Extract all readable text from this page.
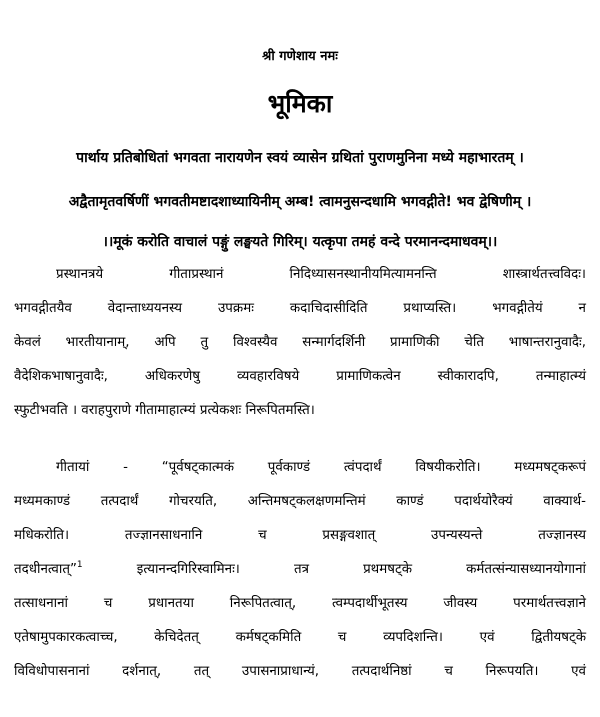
श्री गणेशाय नमः
भूमिका
पार्थाय प्रतिबोधितां भगवता नारायणेन स्वयं व्यासेन ग्रथितां पुराणमुनिना मध्ये महाभारतम् ।
अद्वैतामृतवर्षिणीं भगवतीमष्टादशाध्यायिनीम् अम्ब! त्वामनुसन्दधामि भगवद्गीते! भव द्वेषिणीम् ।
।।मूकं करोति वाचालं पङ्गुं लङ्घयते गिरिम्। यत्कृपा तमहं वन्दे परमानन्दमाधवम्।।
प्रस्थानत्रये गीताप्रस्थानं निदिध्यासनस्थानीयमित्यामनन्ति शास्त्रार्थतत्त्वविदः।
भगवद्गीतयैव वेदान्ताध्ययनस्य उपक्रमः कदाचिदासीदिति प्रथाप्यस्ति। भगवद्गीतेयं न
केवलं भारतीयानाम्, अपि तु विश्वस्यैव सन्मार्गदर्शिनी प्रामाणिकी चेति भाषान्तरानुवादैः,
वैदेशिकभाषानुवादैः, अधिकरणेषु व्यवहारविषये प्रामाणिकत्वेन स्वीकारादपि, तन्माहात्म्यं
स्फुटीभवति । वराहपुराणे गीतामाहात्म्यं प्रत्येकशः निरूपितमस्ति।
गीतायां - “पूर्वषट्कात्मकं पूर्वकाण्डं त्वंपदार्थं विषयीकरोति। मध्यमषट्करूपं
मध्यमकाण्डं तत्पदार्थं गोचरयति, अन्तिमषट्कलक्षणमन्तिमं काण्डं पदार्थयोरैक्यं वाक्यार्थ-
मधिकरोति। तज्ज्ञानसाधनानि च प्रसङ्गवशात् उपन्यस्यन्ते तज्ज्ञानस्य
तदधीनत्वात्”$^1$ इत्यानन्दगिरिस्वामिनः। तत्र प्रथमषट्के कर्मतत्संन्यासध्यानयोगानां
तत्साधनानां च प्रधानतया निरूपितत्वात्, त्वम्पदार्थीभूतस्य जीवस्य परमार्थतत्त्वज्ञाने
एतेषामुपकारकत्वाच्च, केचिदेतत् कर्मषट्कमिति च व्यपदिशन्ति। एवं द्वितीयषट्के
विविधोपासनानां दर्शनात्, तत् उपासनाप्राधान्यं, तत्पदार्थनिष्ठां च निरूपयति। एवं
